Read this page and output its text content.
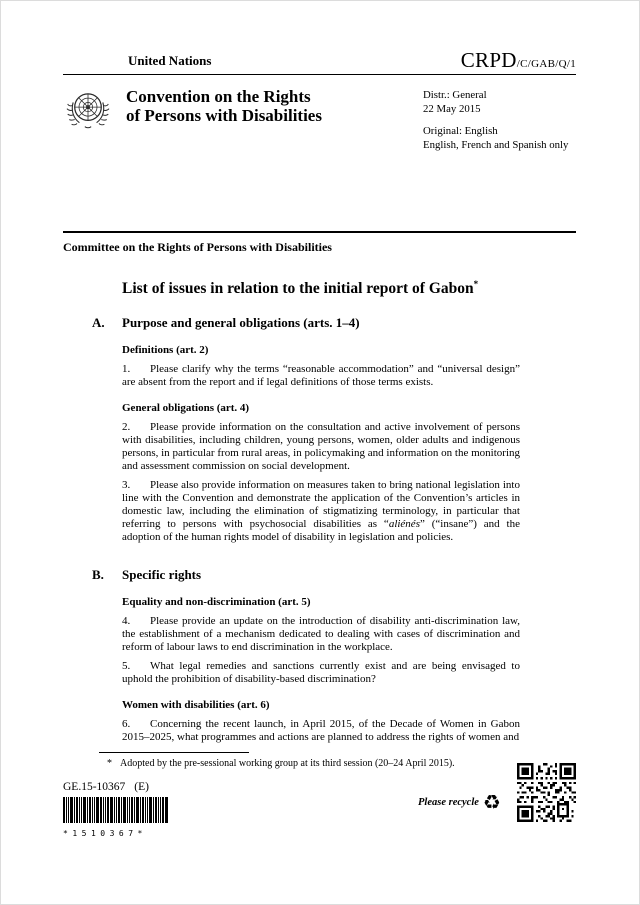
United Nations	CRPD/C/GAB/Q/1
Convention on the Rights
of Persons with Disabilities
Distr.: General
22 May 2015
Original: English
English, French and Spanish only
Committee on the Rights of Persons with Disabilities
List of issues in relation to the initial report of Gabon*
A. Purpose and general obligations (arts. 1–4)
Definitions (art. 2)

1. Please clarify why the terms “reasonable accommodation” and “universal design” are absent from the report and if legal definitions of those terms exists.

General obligations (art. 4)

2. Please provide information on the consultation and active involvement of persons with disabilities, including children, young persons, women, older adults and indigenous persons, in particular from rural areas, in policymaking and information on the monitoring and assessment commission on social development.

3. Please also provide information on measures taken to bring national legislation into line with the Convention and demonstrate the application of the Convention’s articles in domestic law, including the elimination of stigmatizing terminology, in particular that referring to persons with psychosocial disabilities as “aliénés” (“insane”) and the adoption of the human rights model of disability in legislation and policies.

B. Specific rights
Equality and non-discrimination (art. 5)

4. Please provide an update on the introduction of disability anti-discrimination law, the establishment of a mechanism dedicated to dealing with cases of discrimination and reform of labour laws to end discrimination in the workplace.

5. What legal remedies and sanctions currently exist and are being envisaged to uphold the prohibition of disability-based discrimination?

Women with disabilities (art. 6)

6. Concerning the recent launch, in April 2015, of the Decade of Women in Gabon 2015–2025, what programmes and actions are planned to address the rights of women and

* Adopted by the pre-sessional working group at its third session (20–24 April 2015).
GE.15-10367 (E)
*1510367*
Please recycle ♻
